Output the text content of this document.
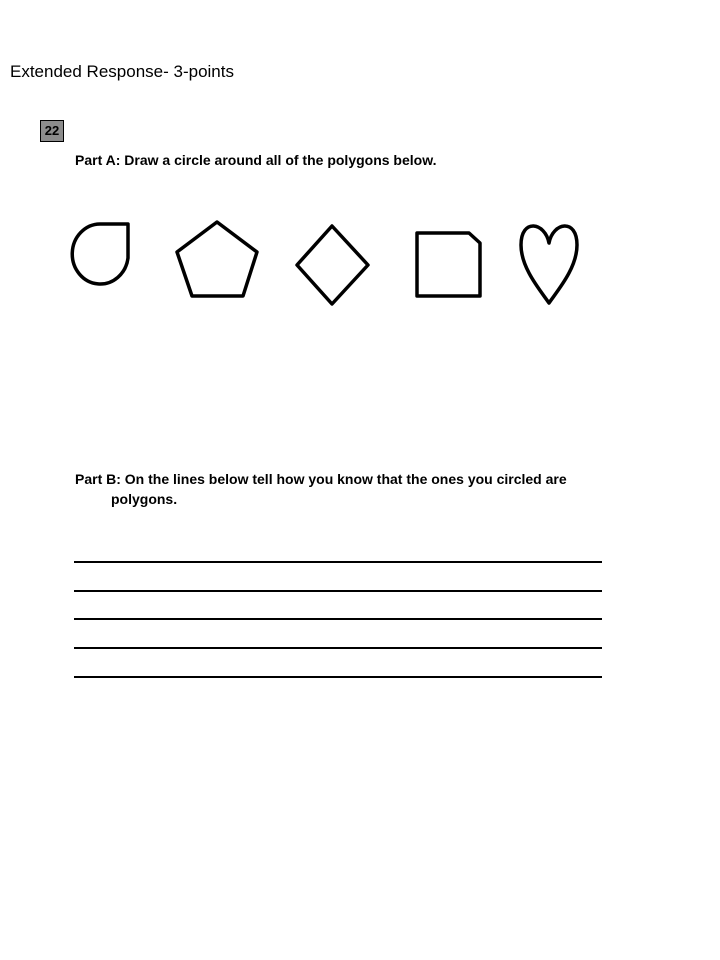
Extended Response- 3-points
22
Part A: Draw a circle around all of the polygons below.
Part B: On the lines below tell how you know that the ones you circled are
polygons.
